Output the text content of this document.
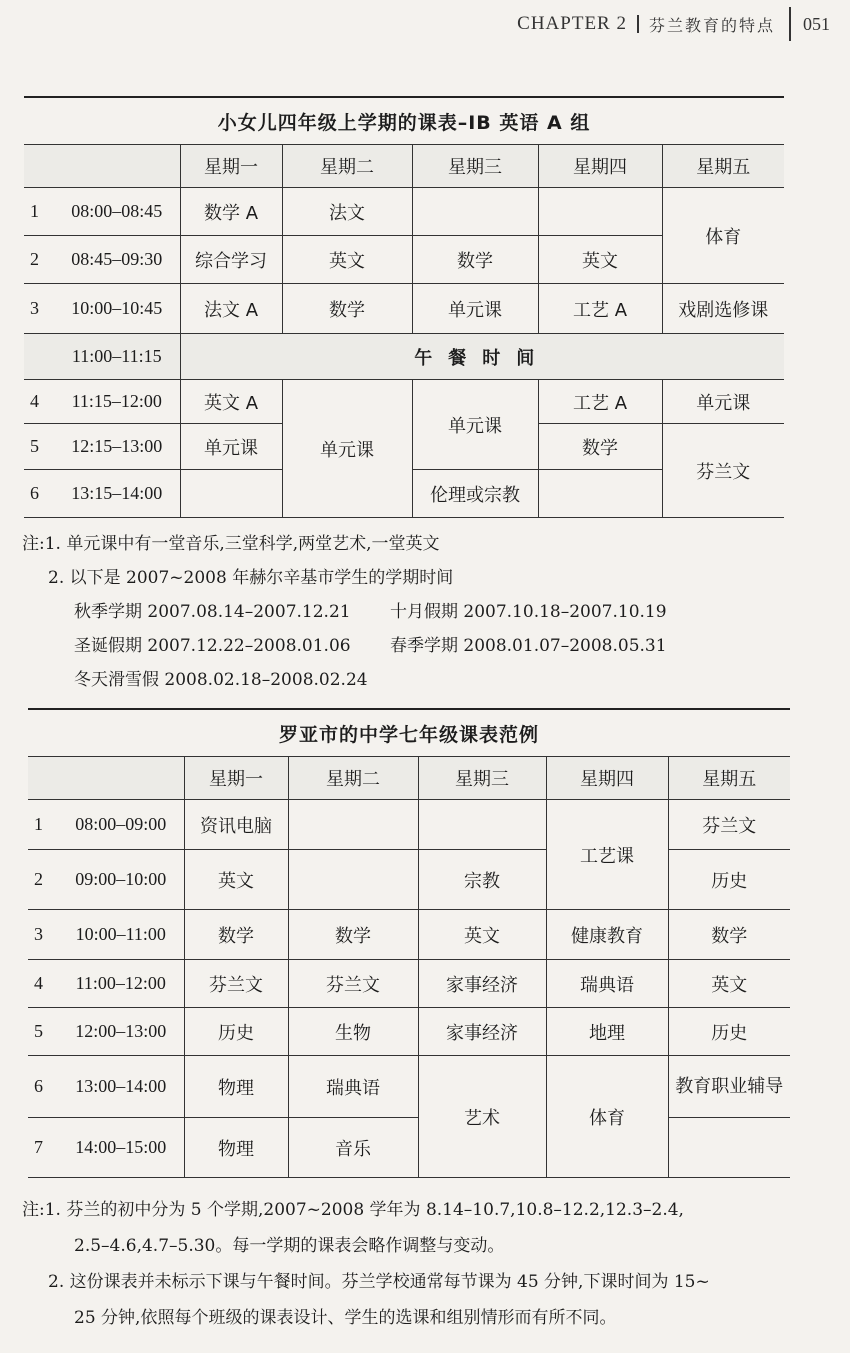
CHAPTER 2 芬兰教育的特点 051
小女儿四年级上学期的课表–IB 英语 A 组						
		星期一	星期二	星期三	星期四	星期五
1	08:00–08:45	数学 A	法文			体育
2	08:45–09:30	综合学习	英文	数学	英文	
3	10:00–10:45	法文 A	数学	单元课	工艺 A	戏剧选修课
	11:00–11:15	午餐时间				
4	11:15–12:00	英文 A	单元课	单元课	工艺 A	单元课
5	12:15–13:00	单元课			数学	芬兰文
6	13:15–14:00			伦理或宗教		
注:1. 单元课中有一堂音乐,三堂科学,两堂艺术,一堂英文
2. 以下是 2007~2008 年赫尔辛基市学生的学期时间
秋季学期 2007.08.14–2007.12.21 十月假期 2007.10.18–2007.10.19
圣诞假期 2007.12.22–2008.01.06 春季学期 2008.01.07–2008.05.31
冬天滑雪假 2008.02.18–2008.02.24
罗亚市的中学七年级课表范例						
		星期一	星期二	星期三	星期四	星期五
1	08:00–09:00	资讯电脑			工艺课	芬兰文
2	09:00–10:00	英文		宗教		历史
3	10:00–11:00	数学	数学	英文	健康教育	数学
4	11:00–12:00	芬兰文	芬兰文	家事经济	瑞典语	英文
5	12:00–13:00	历史	生物	家事经济	地理	历史
6	13:00–14:00	物理	瑞典语	艺术	体育	教育职业辅导
7	14:00–15:00	物理	音乐			
注:1. 芬兰的初中分为 5 个学期,2007~2008 学年为 8.14–10.7,10.8–12.2,12.3–2.4,
2.5–4.6,4.7–5.30。每一学期的课表会略作调整与变动。
2. 这份课表并未标示下课与午餐时间。芬兰学校通常每节课为 45 分钟,下课时间为 15~
25 分钟,依照每个班级的课表设计、学生的选课和组别情形而有所不同。
